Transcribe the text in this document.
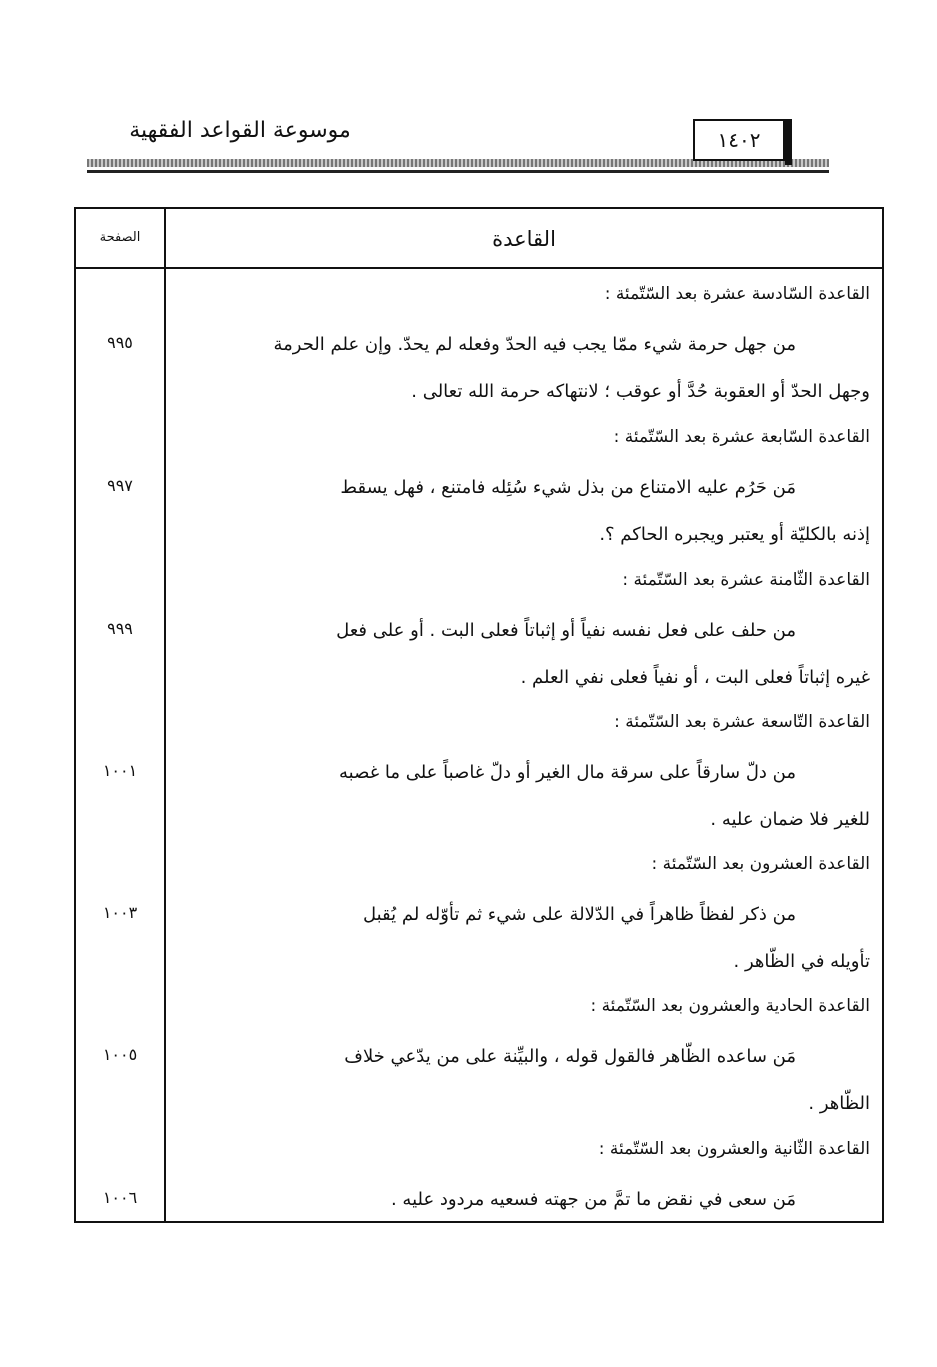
موسوعة القواعد الفقهية	١٤٠٢
الصفحة	القاعدة
القاعدة السّادسة عشرة بعد السّتّمئة :
من جهل حرمة شيء ممّا يجب فيه الحدّ وفعله لم يحدّ. وإن علم الحرمة
وجهل الحدّ أو العقوبة حُدَّ أو عوقب ؛ لانتهاكه حرمة الله تعالى .
٩٩٥
القاعدة السّابعة عشرة بعد السّتّمئة :
مَن حَرُم عليه الامتناع من بذل شيء سُئِله فامتنع ، فهل يسقط
إذنه بالكليّة أو يعتبر ويجبره الحاكم ؟.
٩٩٧
القاعدة الثّامنة عشرة بعد السّتّمئة :
من حلف على فعل نفسه نفياً أو إثباتاً فعلى البت . أو على فعل
غيره إثباتاً فعلى البت ، أو نفياً فعلى نفي العلم .
٩٩٩
القاعدة التّاسعة عشرة بعد السّتّمئة :
من دلّ سارقاً على سرقة مال الغير أو دلّ غاصباً على ما غصبه
للغير فلا ضمان عليه .
١٠٠١
القاعدة العشرون بعد السّتّمئة :
من ذكر لفظاً ظاهراً في الدّلالة على شيء ثم تأوّله لم يُقبل
تأويله في الظّاهر .
١٠٠٣
القاعدة الحادية والعشرون بعد السّتّمئة :
مَن ساعده الظّاهر فالقول قوله ، والبيِّنة على من يدّعي خلاف
الظّاهر .
١٠٠٥
القاعدة الثّانية والعشرون بعد السّتّمئة :
مَن سعى في نقض ما تمَّ من جهته فسعيه مردود عليه .
١٠٠٦
